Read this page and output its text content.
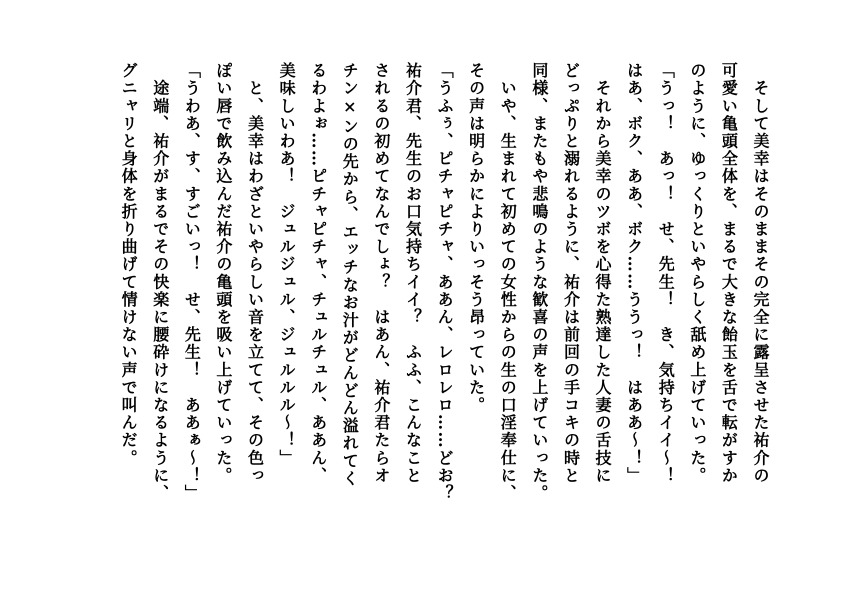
　そして美幸はそのままその完全に露呈させた祐介の
可愛い亀頭全体を、まるで大きな飴玉を舌で転がすか
のように、ゆっくりといやらしく舐め上げていった。
「うっ！　あっ！　せ、先生！　き、気持ちイイ～！
はあ、ボク、ああ、ボク……ううっ！　はああ～！」
　それから美幸のツボを心得た熟達した人妻の舌技に
どっぷりと溺れるように、祐介は前回の手コキの時と
同様、またもや悲鳴のような歓喜の声を上げていった。
　いや、生まれて初めての女性からの生の口淫奉仕に、
その声は明らかによりいっそう昂っていた。
「うふぅ、ピチャピチャ、ああん、レロレロ……どお？
祐介君、先生のお口気持ちイイ？　ふふ、こんなこと
されるの初めてなんでしょ？　はあん、祐介君たらオ
チン×ンの先から、エッチなお汁がどんどん溢れてく
るわよぉ……ピチャピチャ、チュルチュル、ああん、
美味しいわあ！　ジュルジュル、ジュルルル～！」
　と、美幸はわざといやらしい音を立てて、その色っ
ぽい唇で飲み込んだ祐介の亀頭を吸い上げていった。
「うわあ、す、すごいっ！　せ、先生！　ああぁ～！」
　途端、祐介がまるでその快楽に腰砕けになるように、
グニャリと身体を折り曲げて情けない声で叫んだ。
